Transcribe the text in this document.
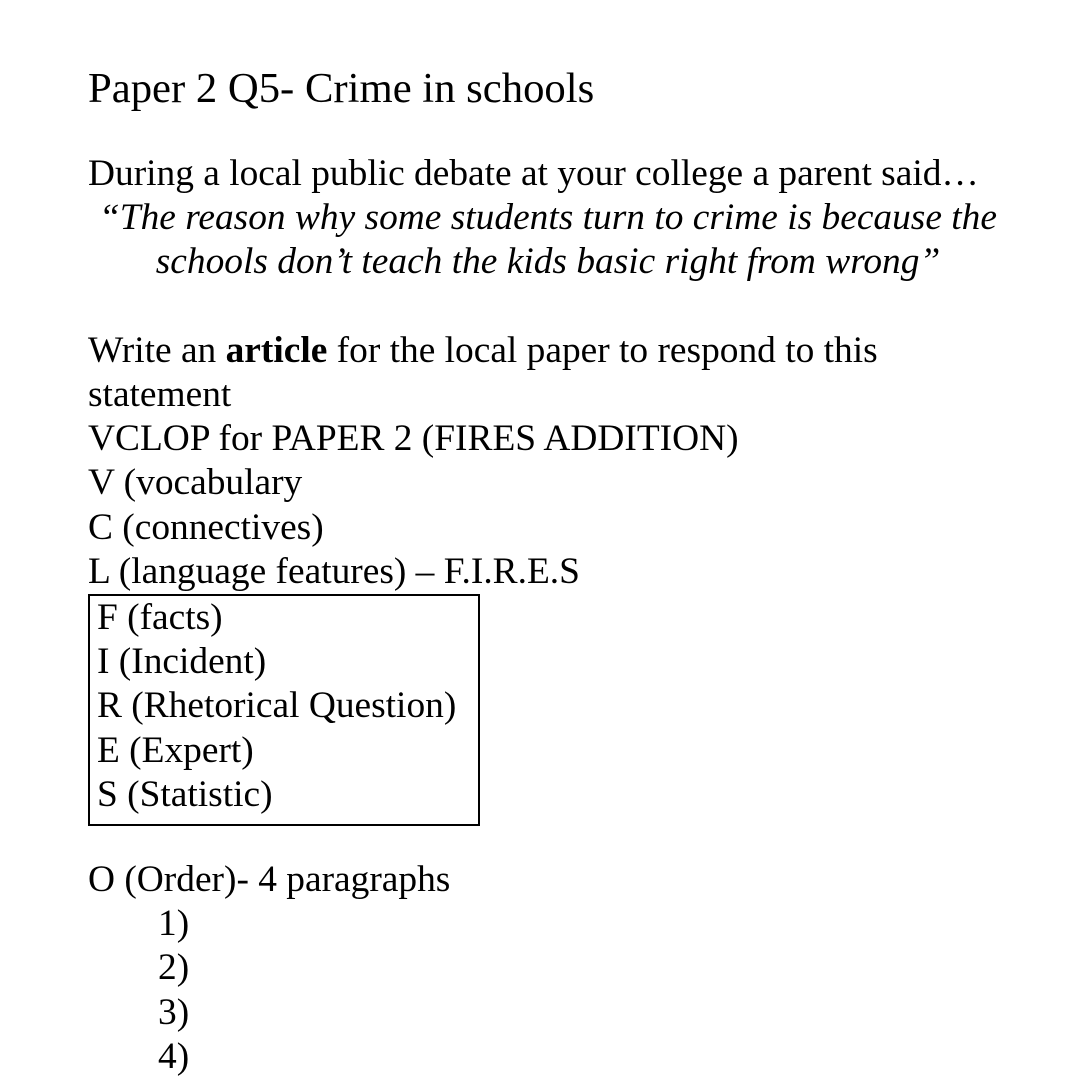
Paper 2 Q5- Crime in schools
During a local public debate at your college a parent said…
“The reason why some students turn to crime is because the schools don’t teach the kids basic right from wrong”
Write an article for the local paper to respond to this statement
VCLOP for PAPER 2 (FIRES ADDITION)
V (vocabulary
C (connectives)
L (language features) – F.I.R.E.S
F (facts)
I (Incident)
R (Rhetorical Question)
E (Expert)
S (Statistic)
O (Order)- 4 paragraphs
1)
2)
3)
4)
